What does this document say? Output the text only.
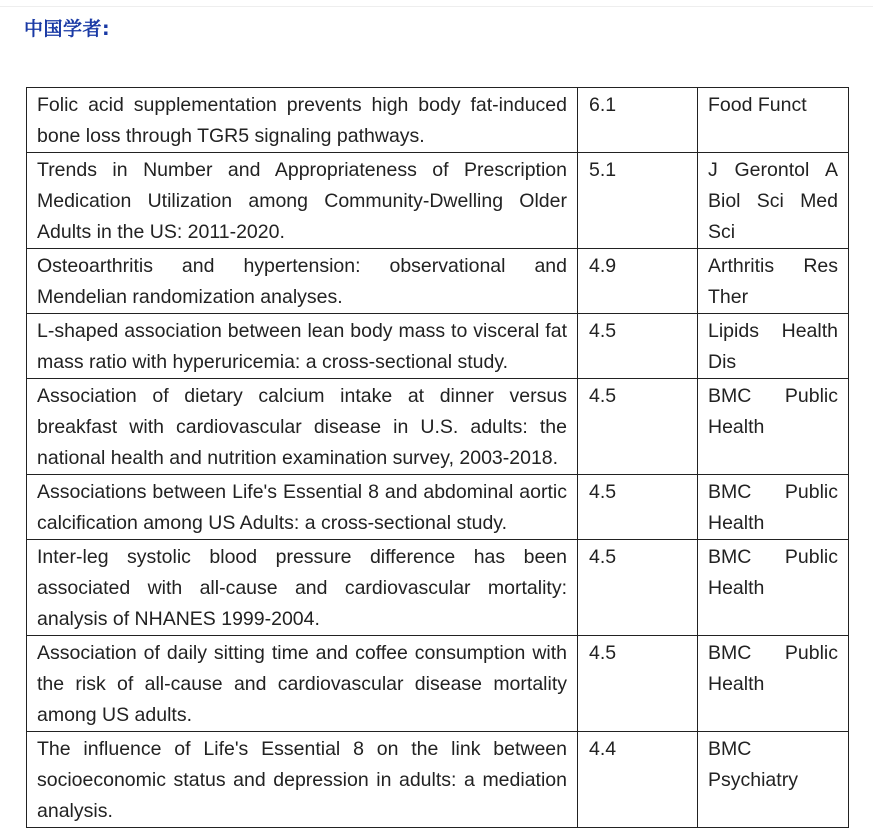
中国学者:
Folic acid supplementation prevents high body fat-induced bone loss through TGR5 signaling pathways.	6.1	Food Funct
Trends in Number and Appropriateness of Prescription Medication Utilization among Community-Dwelling Older Adults in the US: 2011-2020.	5.1	J Gerontol A Biol Sci Med Sci
Osteoarthritis and hypertension: observational and Mendelian randomization analyses.	4.9	Arthritis Res Ther
L-shaped association between lean body mass to visceral fat mass ratio with hyperuricemia: a cross-sectional study.	4.5	Lipids Health Dis
Association of dietary calcium intake at dinner versus breakfast with cardiovascular disease in U.S. adults: the national health and nutrition examination survey, 2003-2018.	4.5	BMC Public Health
Associations between Life's Essential 8 and abdominal aortic calcification among US Adults: a cross-sectional study.	4.5	BMC Public Health
Inter-leg systolic blood pressure difference has been associated with all-cause and cardiovascular mortality: analysis of NHANES 1999-2004.	4.5	BMC Public Health
Association of daily sitting time and coffee consumption with the risk of all-cause and cardiovascular disease mortality among US adults.	4.5	BMC Public Health
The influence of Life's Essential 8 on the link between socioeconomic status and depression in adults: a mediation analysis.	4.4	BMC Psychiatry
